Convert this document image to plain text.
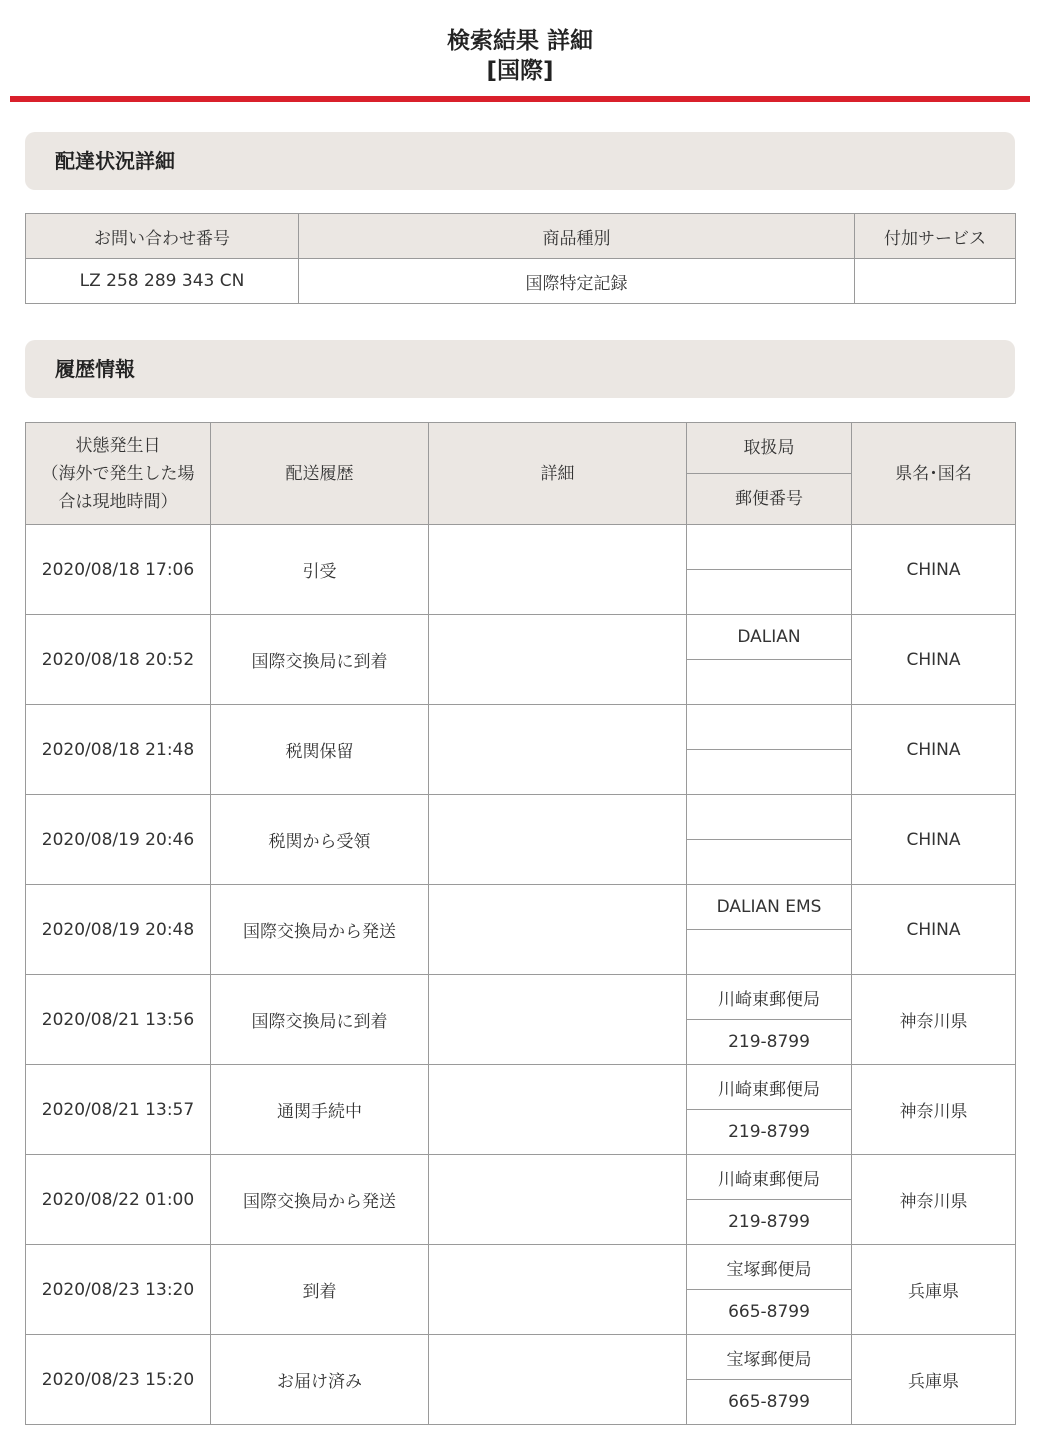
検索結果 詳細
[国際]
配達状況詳細
お問い合わせ番号	商品種別	付加サービス
LZ 258 289 343 CN	国際特定記録	
履歴情報
状態発生日
（海外で発生した場
合は現地時間）	配送履歴	詳細	取扱局	県名･国名
			郵便番号	
2020/08/18 17:06	引受			CHINA

2020/08/18 20:52	国際交換局に到着		DALIAN	CHINA

2020/08/18 21:48	税関保留			CHINA

2020/08/19 20:46	税関から受領			CHINA

2020/08/19 20:48	国際交換局から発送		DALIAN EMS	CHINA

2020/08/21 13:56	国際交換局に到着		川崎東郵便局	神奈川県
			219-8799	
2020/08/21 13:57	通関手続中		川崎東郵便局	神奈川県
			219-8799	
2020/08/22 01:00	国際交換局から発送		川崎東郵便局	神奈川県
			219-8799	
2020/08/23 13:20	到着		宝塚郵便局	兵庫県
			665-8799	
2020/08/23 15:20	お届け済み		宝塚郵便局	兵庫県
			665-8799	
